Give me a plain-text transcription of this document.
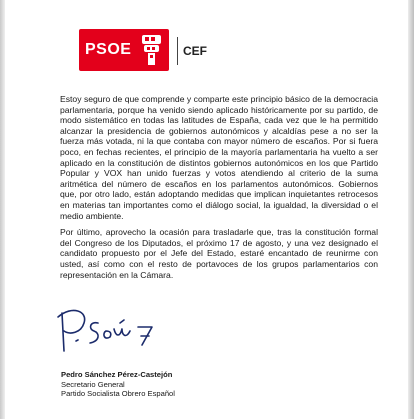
PSOE	CEF

Estoy seguro de que comprende y comparte este principio básico de la democracia parlamentaria, porque ha venido siendo aplicado históricamente por su partido, de modo sistemático en todas las latitudes de España, cada vez que le ha permitido alcanzar la presidencia de gobiernos autonómicos y alcaldías pese a no ser la fuerza más votada, ni la que contaba con mayor número de escaños. Por si fuera poco, en fechas recientes, el principio de la mayoría parlamentaria ha vuelto a ser aplicado en la constitución de distintos gobiernos autonómicos en los que Partido Popular y VOX han unido fuerzas y votos atendiendo al criterio de la suma aritmética del número de escaños en los parlamentos autonómicos. Gobiernos que, por otro lado, están adoptando medidas que implican inquietantes retrocesos en materias tan importantes como el diálogo social, la igualdad, la diversidad o el medio ambiente.

Por último, aprovecho la ocasión para trasladarle que, tras la constitución formal del Congreso de los Diputados, el próximo 17 de agosto, y una vez designado el candidato propuesto por el Jefe del Estado, estaré encantado de reunirme con usted, así como con el resto de portavoces de los grupos parlamentarios con representación en la Cámara.

Pedro Sánchez Pérez-Castejón
Secretario General
Partido Socialista Obrero Español
